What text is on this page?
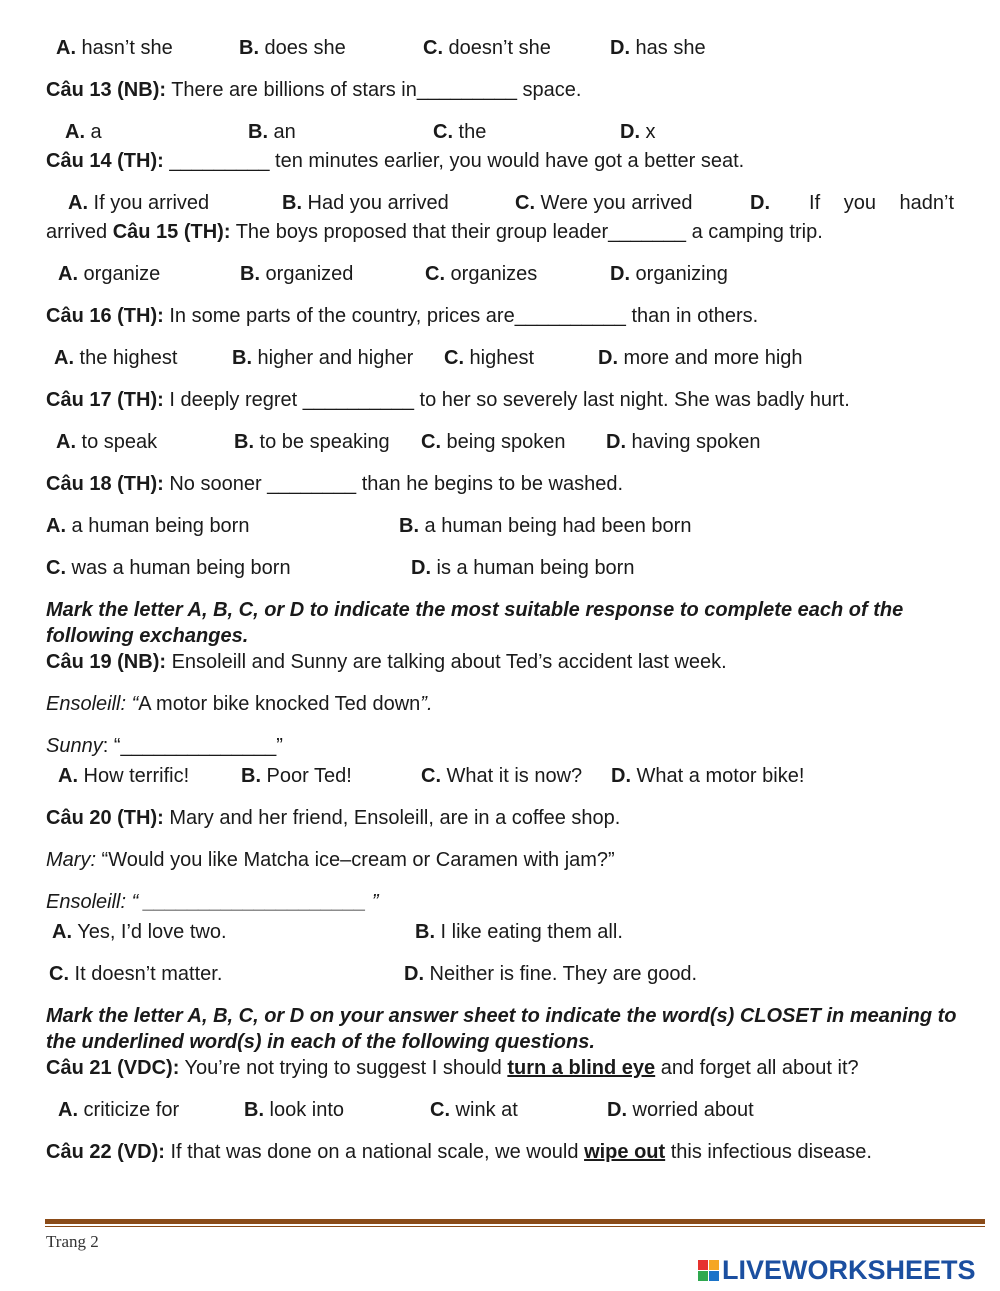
A. hasn’t she	B. does she	C. doesn’t she	D. has she
Câu 13 (NB): There are billions of stars in_________ space.
A. a	B. an	C. the	D. x
Câu 14 (TH): _________ ten minutes earlier, you would have got a better seat.
A. If you arrived	B. Had you arrived	C. Were you arrived	D.	If you hadn’t
arrived Câu 15 (TH): The boys proposed that their group leader_______ a camping trip.
A. organize	B. organized	C. organizes	D. organizing
Câu 16 (TH): In some parts of the country, prices are__________ than in others.
A. the highest	B. higher and higher C. highest	D. more and more high
Câu 17 (TH): I deeply regret __________ to her so severely last night. She was badly hurt.
A. to speak	B. to be speaking C. being spoken D. having spoken
Câu 18 (TH): No sooner ________ than he begins to be washed.
A. a human being born	B. a human being had been born
C. was a human being born	D. is a human being born
Mark the letter A, B, C, or D to indicate the most suitable response to complete each of the following exchanges.
Câu 19 (NB): Ensoleill and Sunny are talking about Ted’s accident last week.
Ensoleill: “A motor bike knocked Ted down”.
Sunny: “______________”
A. How terrific!	B. Poor Ted!	C. What it is now? D. What a motor bike!
Câu 20 (TH): Mary and her friend, Ensoleill, are in a coffee shop.
Mary: “Would you like Matcha ice–cream or Caramen with jam?”
Ensoleill: “ ____________________ ”
A. Yes, I’d love two.	B. I like eating them all.
C. It doesn’t matter.	D. Neither is fine. They are good.
Mark the letter A, B, C, or D on your answer sheet to indicate the word(s) CLOSET in meaning to the underlined word(s) in each of the following questions.
Câu 21 (VDC): You’re not trying to suggest I should turn a blind eye and forget all about it?
A. criticize for	B. look into	C. wink at	D. worried about
Câu 22 (VD): If that was done on a national scale, we would wipe out this infectious disease.
Trang 2
LIVEWORKSHEETS
